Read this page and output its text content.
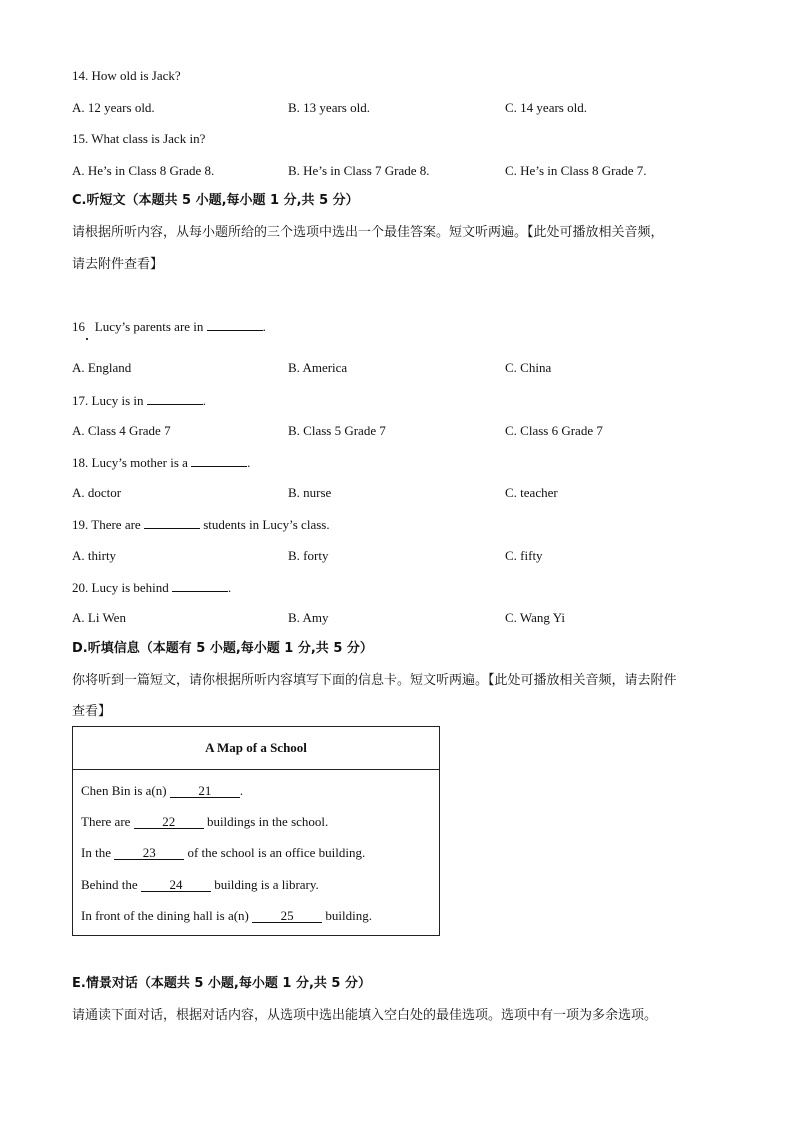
14. How old is Jack?
A. 12 years old.	B. 13 years old.	C. 14 years old.
15. What class is Jack in?
A. He’s in Class 8 Grade 8.	B. He’s in Class 7 Grade 8.	C. He’s in Class 8 Grade 7.
C.听短文（本题共 5 小题,每小题 1 分,共 5 分）
请根据所听内容，从每小题所给的三个选项中选出一个最佳答案。短文听两遍。【此处可播放相关音频，
请去附件查看】
16 Lucy’s parents are in	.
A. England	B. America	C. China
17. Lucy is in	.
A. Class 4 Grade 7	B. Class 5 Grade 7	C. Class 6 Grade 7
18. Lucy’s mother is a	.
A. doctor	B. nurse	C. teacher
19. There are	students in Lucy’s class.
A. thirty	B. forty	C. fifty
20. Lucy is behind	.
A. Li Wen	B. Amy	C. Wang Yi
D.听填信息（本题有 5 小题,每小题 1 分,共 5 分）
你将听到一篇短文，请你根据所听内容填写下面的信息卡。短文听两遍。【此处可播放相关音频，请去附件
查看】
A Map of a School
Chen Bin is a(n) 21 .
There are 22 buildings in the school.
In the 23 of the school is an office building.
Behind the 24 building is a library.
In front of the dining hall is a(n) 25 building.
E.情景对话（本题共 5 小题,每小题 1 分,共 5 分）
请通读下面对话，根据对话内容，从选项中选出能填入空白处的最佳选项。选项中有一项为多余选项。
